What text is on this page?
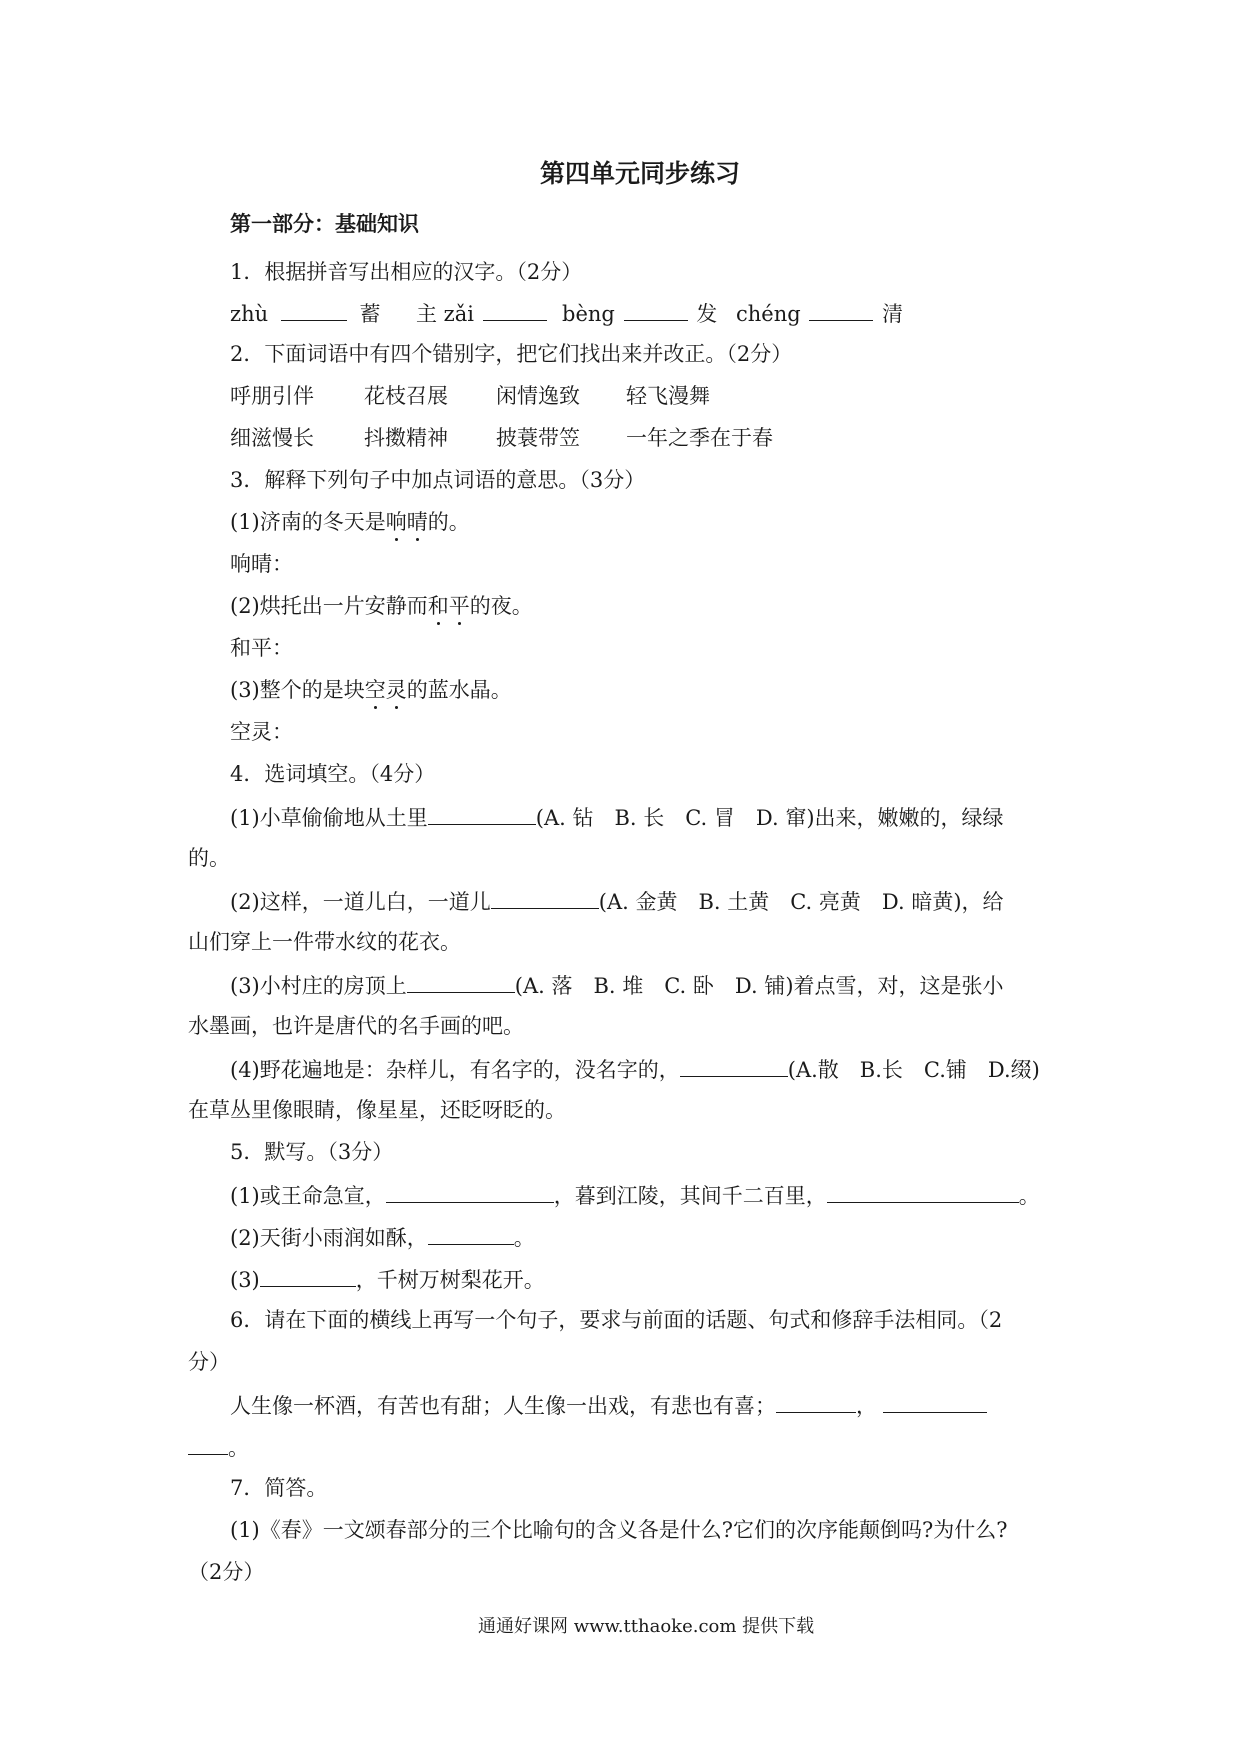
第四单元同步练习
第一部分：基础知识
1．根据拼音写出相应的汉字。（2分）
zhù	蓄 主 zǎi	bèng	发 chéng	清
2．下面词语中有四个错别字，把它们找出来并改正。（2分）
呼朋引伴 花枝召展 闲情逸致 轻飞漫舞
细滋慢长 抖擞精神 披蓑带笠 一年之季在于春
3．解释下列句子中加点词语的意思。（3分）
(1)济南的冬天是响晴的。
响晴：
(2)烘托出一片安静而和平的夜。
和平：
(3)整个的是块空灵的蓝水晶。
空灵：
4．选词填空。（4分）
(1)小草偷偷地从土里	(A. 钻　B. 长　C. 冒　D. 窜)出来，嫩嫩的，绿绿
的。
(2)这样，一道儿白，一道儿	(A. 金黄　B. 土黄　C. 亮黄　D. 暗黄)，给
山们穿上一件带水纹的花衣。
(3)小村庄的房顶上	(A. 落　B. 堆　C. 卧　D. 铺)着点雪，对，这是张小
水墨画，也许是唐代的名手画的吧。
(4)野花遍地是：杂样儿，有名字的，没名字的，	(A.散　B.长　C.铺　D.缀)
在草丛里像眼睛，像星星，还眨呀眨的。
5．默写。（3分）
(1)或王命急宣，	，暮到江陵，其间千二百里，	。
(2)天街小雨润如酥，	。
(3)	，千树万树梨花开。
6．请在下面的横线上再写一个句子，要求与前面的话题、句式和修辞手法相同。（2
分）
人生像一杯酒，有苦也有甜；人生像一出戏，有悲也有喜；	，
。
7．简答。
(1)《春》一文颂春部分的三个比喻句的含义各是什么?它们的次序能颠倒吗?为什么?
（2分）
通通好课网 www.tthaoke.com 提供下载
